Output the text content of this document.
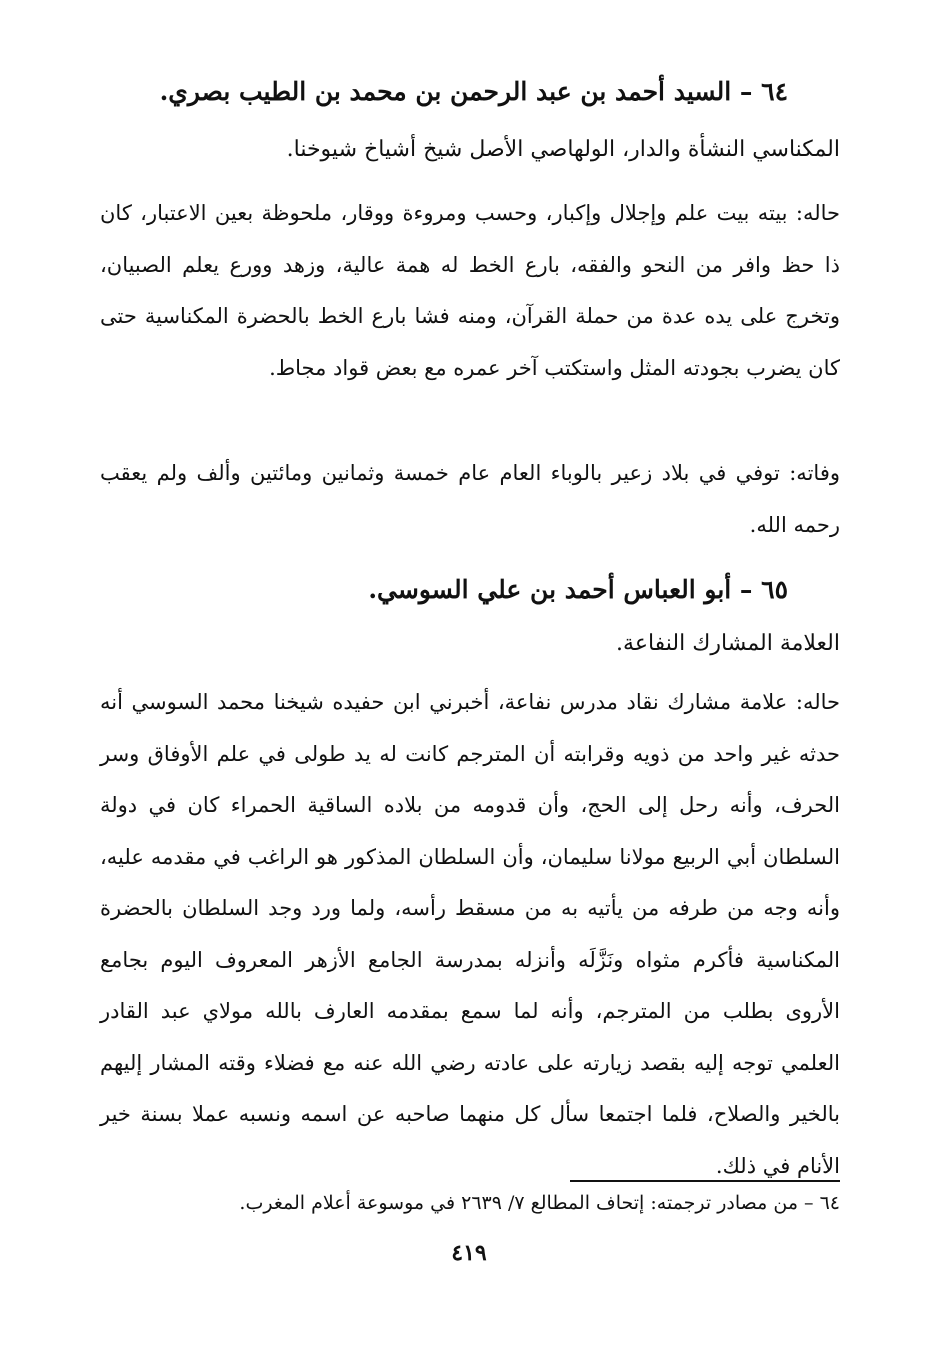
٦٤ – السيد أحمد بن عبد الرحمن بن محمد بن الطيب بصري.

المكناسي النشأة والدار، الولهاصي الأصل شيخ أشياخ شيوخنا.

حاله: بيته بيت علم وإجلال وإكبار، وحسب ومروءة ووقار، ملحوظة بعين الاعتبار، كان ذا حظ وافر من النحو والفقه، بارع الخط له همة عالية، وزهد وورع يعلم الصبيان، وتخرج على يده عدة من حملة القرآن، ومنه فشا بارع الخط بالحضرة المكناسية حتى كان يضرب بجودته المثل واستكتب آخر عمره مع بعض قواد مجاط.

وفاته: توفي في بلاد زعير بالوباء العام عام خمسة وثمانين ومائتين وألف ولم يعقب رحمه الله.

٦٥ – أبو العباس أحمد بن علي السوسي.

العلامة المشارك النفاعة.

حاله: علامة مشارك نقاد مدرس نفاعة، أخبرني ابن حفيده شيخنا محمد السوسي أنه حدثه غير واحد من ذويه وقرابته أن المترجم كانت له يد طولى في علم الأوفاق وسر الحرف، وأنه رحل إلى الحج، وأن قدومه من بلاده الساقية الحمراء كان في دولة السلطان أبي الربيع مولانا سليمان، وأن السلطان المذكور هو الراغب في مقدمه عليه، وأنه وجه من طرفه من يأتيه به من مسقط رأسه، ولما ورد وجد السلطان بالحضرة المكناسية فأكرم مثواه ونَزَّلَه وأنزله بمدرسة الجامع الأزهر المعروف اليوم بجامع الأروى بطلب من المترجم، وأنه لما سمع بمقدمه العارف بالله مولاي عبد القادر العلمي توجه إليه بقصد زيارته على عادته رضي الله عنه مع فضلاء وقته المشار إليهم بالخير والصلاح، فلما اجتمعا سأل كل منهما صاحبه عن اسمه ونسبه عملا بسنة خير الأنام في ذلك.

٦٤ – من مصادر ترجمته: إتحاف المطالع ٧/ ٢٦٣٩ في موسوعة أعلام المغرب.

٤١٩
